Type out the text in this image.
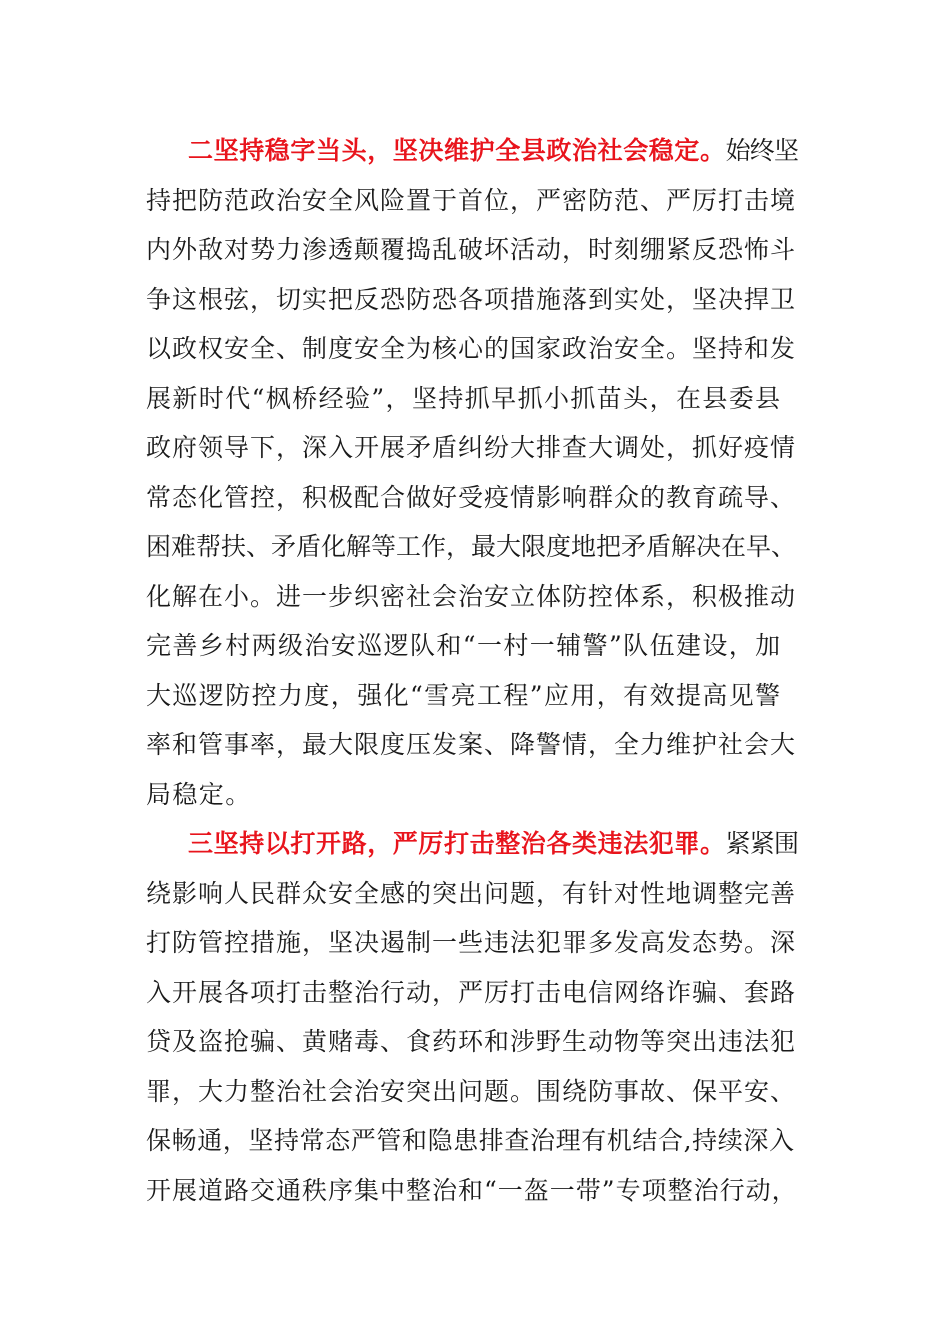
二坚持稳字当头，坚决维护全县政治社会稳定。始终坚
持把防范政治安全风险置于首位，严密防范、严厉打击境
内外敌对势力渗透颠覆捣乱破坏活动，时刻绷紧反恐怖斗
争这根弦，切实把反恐防恐各项措施落到实处，坚决捍卫
以政权安全、制度安全为核心的国家政治安全。坚持和发
展新时代“枫桥经验”，坚持抓早抓小抓苗头，在县委县
政府领导下，深入开展矛盾纠纷大排查大调处，抓好疫情
常态化管控，积极配合做好受疫情影响群众的教育疏导、
困难帮扶、矛盾化解等工作，最大限度地把矛盾解决在早、
化解在小。进一步织密社会治安立体防控体系，积极推动
完善乡村两级治安巡逻队和“一村一辅警”队伍建设，加
大巡逻防控力度，强化“雪亮工程”应用，有效提高见警
率和管事率，最大限度压发案、降警情，全力维护社会大
局稳定。
三坚持以打开路，严厉打击整治各类违法犯罪。紧紧围
绕影响人民群众安全感的突出问题，有针对性地调整完善
打防管控措施，坚决遏制一些违法犯罪多发高发态势。深
入开展各项打击整治行动，严厉打击电信网络诈骗、套路
贷及盗抢骗、黄赌毒、食药环和涉野生动物等突出违法犯
罪，大力整治社会治安突出问题。围绕防事故、保平安、
保畅通，坚持常态严管和隐患排查治理有机结合,持续深入
开展道路交通秩序集中整治和“一盔一带”专项整治行动，
